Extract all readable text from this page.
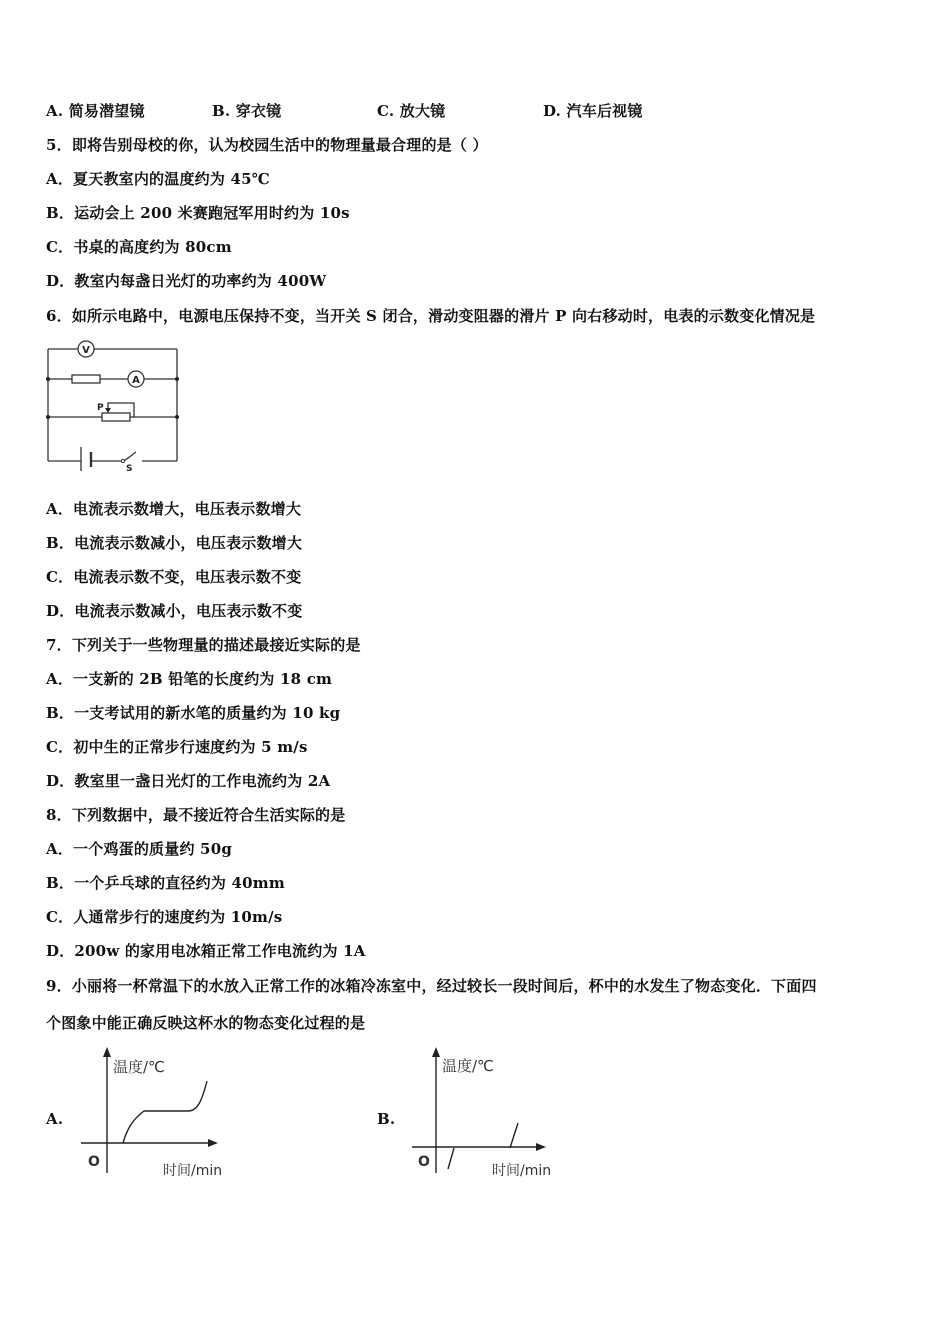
A. 简易潜望镜	B. 穿衣镜	C. 放大镜	D. 汽车后视镜
5．即将告别母校的你，认为校园生活中的物理量最合理的是（ ）
A．夏天教室内的温度约为 45℃
B．运动会上 200 米赛跑冠军用时约为 10s
C．书桌的高度约为 80cm
D．教室内每盏日光灯的功率约为 400W
6．如所示电路中，电源电压保持不变，当开关 S 闭合，滑动变阻器的滑片 P 向右移动时，电表的示数变化情况是
V
A
P
S
A．电流表示数增大，电压表示数增大
B．电流表示数减小，电压表示数增大
C．电流表示数不变，电压表示数不变
D．电流表示数减小，电压表示数不变
7．下列关于一些物理量的描述最接近实际的是
A．一支新的 2B 铅笔的长度约为 18 cm
B．一支考试用的新水笔的质量约为 10 kg
C．初中生的正常步行速度约为 5 m/s
D．教室里一盏日光灯的工作电流约为 2A
8．下列数据中，最不接近符合生活实际的是
A．一个鸡蛋的质量约 50g
B．一个乒乓球的直径约为 40mm
C．人通常步行的速度约为 10m/s
D．200w 的家用电冰箱正常工作电流约为 1A
9．小丽将一杯常温下的水放入正常工作的冰箱冷冻室中，经过较长一段时间后，杯中的水发生了物态变化．下面四
个图象中能正确反映这杯水的物态变化过程的是
A.
温度/℃
O
时间/min
B.
温度/℃
O
时间/min
